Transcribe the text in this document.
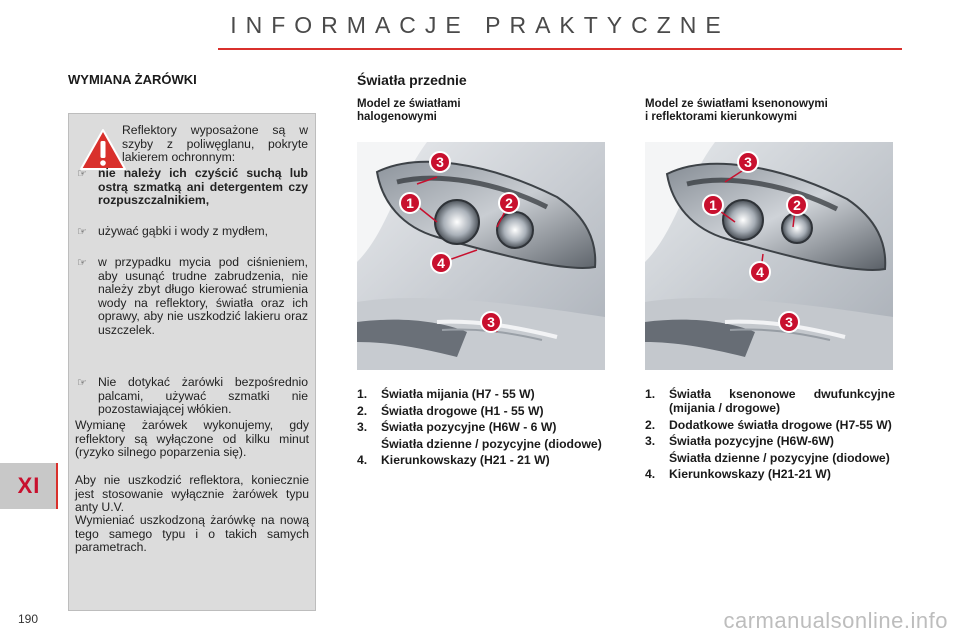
INFORMACJE PRAKTYCZNE
XI
190
WYMIANA ŻARÓWKI	Światła przednie
Model ze światłami
halogenowymi
Model ze światłami ksenonowymi
i reflektorami kierunkowymi
Reflektory wyposażone są w szyby z poliwęglanu, pokryte lakierem ochronnym:
☞ nie należy ich czyścić suchą lub ostrą szmatką ani detergentem czy rozpuszczalnikiem,
☞ używać gąbki i wody z mydłem,
☞ w przypadku mycia pod ciśnieniem, aby usunąć trudne zabrudzenia, nie należy zbyt długo kierować strumienia wody na reflektory, światła oraz ich oprawy, aby nie uszkodzić lakieru oraz uszczelek.
☞ Nie dotykać żarówki bezpośrednio palcami, używać szmatki nie pozostawiającej włókien.
Wymianę żarówek wykonujemy, gdy reflektory są wyłączone od kilku minut (ryzyko silnego poparzenia się).
Aby nie uszkodzić reflektora, koniecznie jest stosowanie wyłącznie żarówek typu anty U.V.
Wymieniać uszkodzoną żarówkę na nową tego samego typu i o takich samych parametrach.
3
1	2
4
3
3
1	2
4
3
1. Światła mijania (H7 - 55 W)
2. Światła drogowe (H1 - 55 W)
3. Światła pozycyjne (H6W - 6 W)
Światła dzienne / pozycyjne (diodowe)
4. Kierunkowskazy (H21 - 21 W)
1. Światła ksenonowe dwufunkcyjne (mijania / drogowe)
2. Dodatkowe światła drogowe (H7-55 W)
3. Światła pozycyjne (H6W-6W)
Światła dzienne / pozycyjne (diodowe)
4. Kierunkowskazy (H21-21 W)
carmanualsonline.info
